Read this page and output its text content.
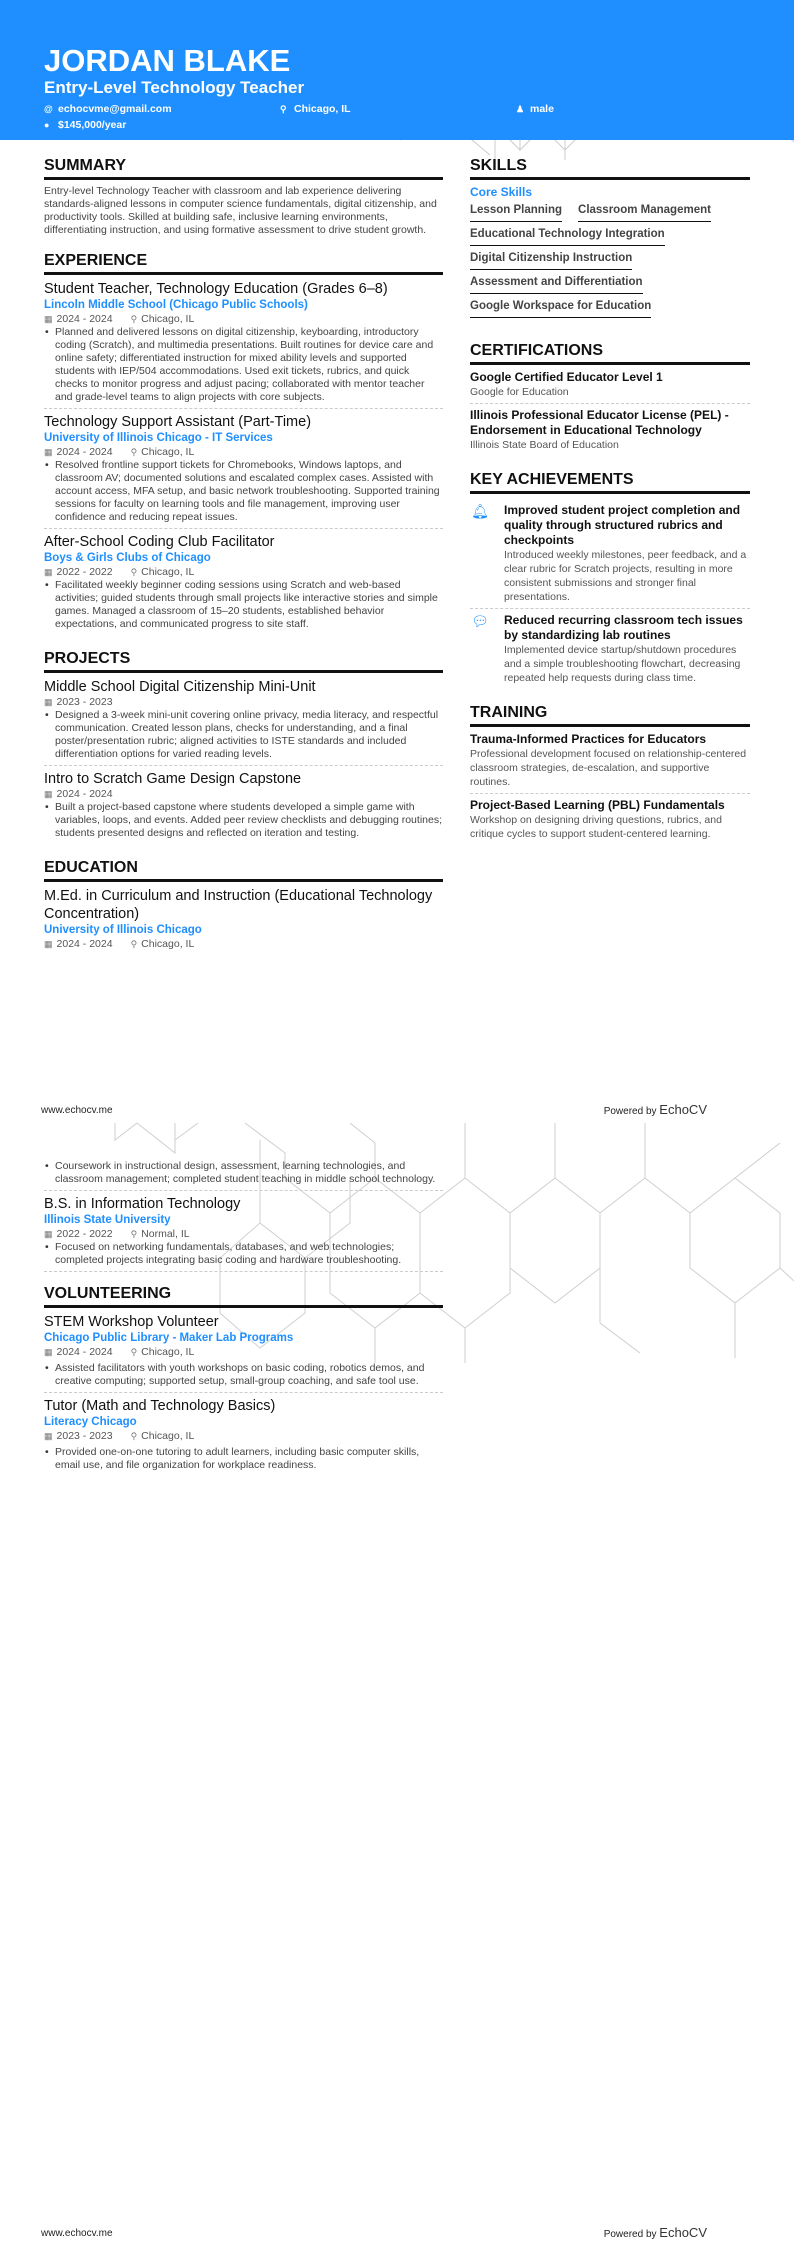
JORDAN BLAKE
Entry-Level Technology Teacher
@ echocvme@gmail.com	⚲ Chicago, IL	♟ male
● $145,000/year
SUMMARY

Entry-level Technology Teacher with classroom and lab experience delivering standards-aligned lessons in computer science fundamentals, digital citizenship, and productivity tools. Skilled at building safe, inclusive learning environments, differentiating instruction, and using formative assessment to drive student growth.

EXPERIENCE
Student Teacher, Technology Education (Grades 6–8)
Lincoln Middle School (Chicago Public Schools)
▦ 2024 - 2024 ⚲ Chicago, IL
• Planned and delivered lessons on digital citizenship, keyboarding, introductory coding (Scratch), and multimedia presentations. Built routines for device care and online safety; differentiated instruction for mixed ability levels and supported students with IEP/504 accommodations. Used exit tickets, rubrics, and quick checks to monitor progress and adjust pacing; collaborated with mentor teacher and grade-level teams to align projects with core subjects.
Technology Support Assistant (Part-Time)
University of Illinois Chicago - IT Services
▦ 2024 - 2024 ⚲ Chicago, IL
• Resolved frontline support tickets for Chromebooks, Windows laptops, and classroom AV; documented solutions and escalated complex cases. Assisted with account access, MFA setup, and basic network troubleshooting. Supported training sessions for faculty on learning tools and file management, improving user confidence and reducing repeat issues.
After-School Coding Club Facilitator
Boys & Girls Clubs of Chicago
▦ 2022 - 2022 ⚲ Chicago, IL
• Facilitated weekly beginner coding sessions using Scratch and web-based activities; guided students through small projects like interactive stories and simple games. Managed a classroom of 15–20 students, established behavior expectations, and communicated progress to site staff.
PROJECTS
Middle School Digital Citizenship Mini-Unit
▦ 2023 - 2023
• Designed a 3-week mini-unit covering online privacy, media literacy, and respectful communication. Created lesson plans, checks for understanding, and a final poster/presentation rubric; aligned activities to ISTE standards and included differentiation options for varied reading levels.
Intro to Scratch Game Design Capstone
▦ 2024 - 2024
• Built a project-based capstone where students developed a simple game with variables, loops, and events. Added peer review checklists and debugging routines; students presented designs and reflected on iteration and testing.
EDUCATION
M.Ed. in Curriculum and Instruction (Educational Technology Concentration)
University of Illinois Chicago
▦ 2024 - 2024 ⚲ Chicago, IL
SKILLS
Core Skills
Lesson Planning Classroom Management
Educational Technology Integration
Digital Citizenship Instruction
Assessment and Differentiation
Google Workspace for Education
CERTIFICATIONS
Google Certified Educator Level 1
Google for Education
Illinois Professional Educator License (PEL) - Endorsement in Educational Technology
Illinois State Board of Education
KEY ACHIEVEMENTS
🔔︎ Improved student project completion and quality through structured rubrics and checkpoints
Introduced weekly milestones, peer feedback, and a clear rubric for Scratch projects, resulting in more consistent submissions and stronger final presentations.
💬︎ Reduced recurring classroom tech issues by standardizing lab routines
Implemented device startup/shutdown procedures and a simple troubleshooting flowchart, decreasing repeated help requests during class time.
TRAINING
Trauma-Informed Practices for Educators
Professional development focused on relationship-centered classroom strategies, de-escalation, and supportive routines.
Project-Based Learning (PBL) Fundamentals
Workshop on designing driving questions, rubrics, and critique cycles to support student-centered learning.
www.echocv.me	Powered by EchoCV
• Coursework in instructional design, assessment, learning technologies, and classroom management; completed student teaching in middle school technology.
B.S. in Information Technology
Illinois State University
▦ 2022 - 2022 ⚲ Normal, IL
• Focused on networking fundamentals, databases, and web technologies; completed projects integrating basic coding and hardware troubleshooting.
VOLUNTEERING
STEM Workshop Volunteer
Chicago Public Library - Maker Lab Programs
▦ 2024 - 2024 ⚲ Chicago, IL
• Assisted facilitators with youth workshops on basic coding, robotics demos, and creative computing; supported setup, small-group coaching, and safe tool use.
Tutor (Math and Technology Basics)
Literacy Chicago
▦ 2023 - 2023 ⚲ Chicago, IL
• Provided one-on-one tutoring to adult learners, including basic computer skills, email use, and file organization for workplace readiness.
www.echocv.me	Powered by EchoCV
